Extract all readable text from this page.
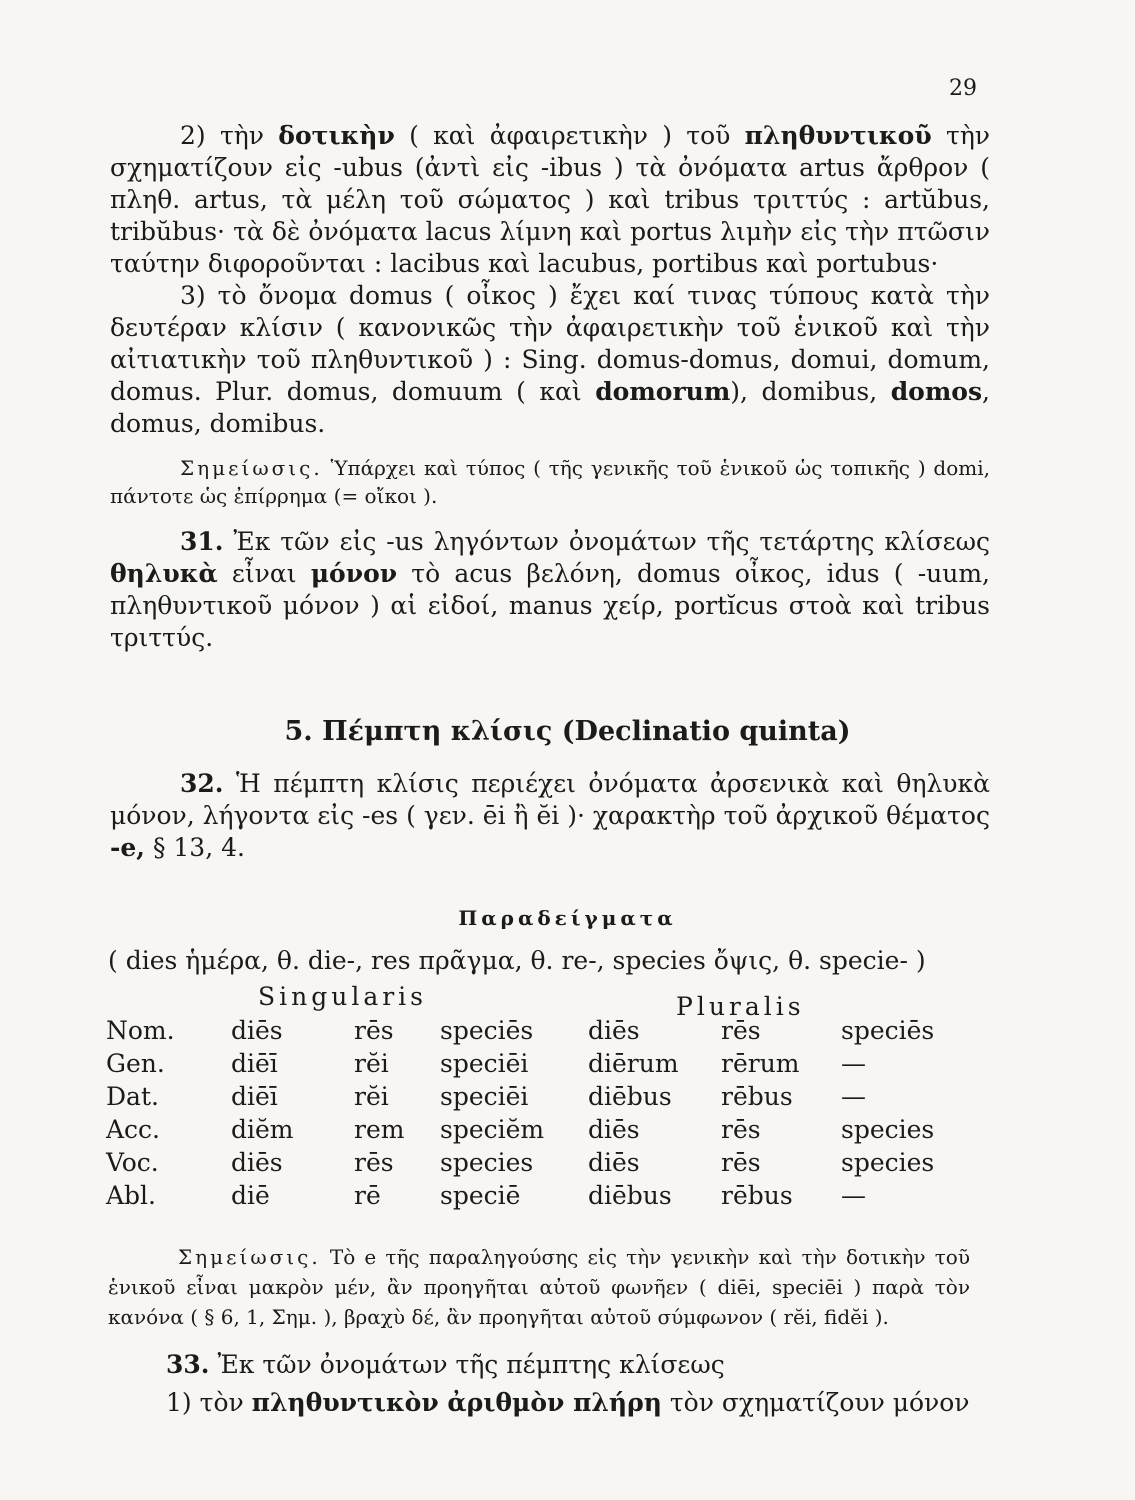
29

2) τὴν δοτικὴν ( καὶ ἀφαιρετικὴν ) τοῦ πληθυντικοῦ τὴν σχηματίζουν εἰς -ubus (ἀντὶ εἰς -ibus ) τὰ ὀνόματα artus ἄρθρον ( πληθ. artus, τὰ μέλη τοῦ σώματος ) καὶ tribus τριττύς : artŭbus, tribŭbus· τὰ δὲ ὀνόματα lacus λίμνη καὶ portus λιμὴν εἰς τὴν πτῶσιν ταύτην διφοροῦνται : lacibus καὶ lacubus, portibus καὶ portubus·

3) τὸ ὄνομα domus ( οἶκος ) ἔχει καί τινας τύπους κατὰ τὴν δευτέραν κλίσιν ( κανονικῶς τὴν ἀφαιρετικὴν τοῦ ἑνικοῦ καὶ τὴν αἰτιατικὴν τοῦ πληθυντικοῦ ) : Sing. domus-domus, domui, domum, domus. Plur. domus, domuum ( καὶ domorum), domibus, domos, domus, domibus.

Σημείωσις. Ὑπάρχει καὶ τύπος ( τῆς γενικῆς τοῦ ἑνικοῦ ὡς τοπικῆς ) domi, πάντοτε ὡς ἐπίρρημα (= οἴκοι ).

31. Ἐκ τῶν εἰς -us ληγόντων ὀνομάτων τῆς τετάρτης κλίσεως θηλυκὰ εἶναι μόνον τὸ acus βελόνη, domus οἶκος, idus ( -uum, πληθυντικοῦ μόνον ) αἱ εἰδοί, manus χείρ, portĭcus στοὰ καὶ tribus τριττύς.

5. Πέμπτη κλίσις (Declinatio quinta)

32. Ἡ πέμπτη κλίσις περιέχει ὀνόματα ἀρσενικὰ καὶ θηλυκὰ μόνον, λήγοντα εἰς -es ( γεν. ēi ἢ ĕi )· χαρακτὴρ τοῦ ἀρχικοῦ θέματος -e, § 13, 4.

Παραδείγματα
( dies ἡμέρα, θ. die-, res πρᾶγμα, θ. re-, species ὄψις, θ. specie- )
Singularis	Pluralis
Nom.	diēs	rēs	speciēs	diēs	rēs	speciēs
Gen.	diēī	rĕi	speciēi	diērum	rērum	—
Dat.	diēī	rĕi	speciēi	diēbus	rēbus	—
Acc.	diĕm	rem	speciĕm	diēs	rēs	species
Voc.	diēs	rēs	species	diēs	rēs	species
Abl.	diē	rē	speciē	diēbus	rēbus	—
Σημείωσις. Τὸ e τῆς παραληγούσης εἰς τὴν γενικὴν καὶ τὴν δοτικὴν τοῦ ἑνικοῦ εἶναι μακρὸν μέν, ἂν προηγῆται αὐτοῦ φωνῆεν ( diēi, speciēi ) παρὰ τὸν κανόνα ( § 6, 1, Σημ. ), βραχὺ δέ, ἂν προηγῆται αὐτοῦ σύμφωνον ( rĕi, fidĕi ).
33. Ἐκ τῶν ὀνομάτων τῆς πέμπτης κλίσεως
1) τὸν πληθυντικὸν ἀριθμὸν πλήρη τὸν σχηματίζουν μόνον
